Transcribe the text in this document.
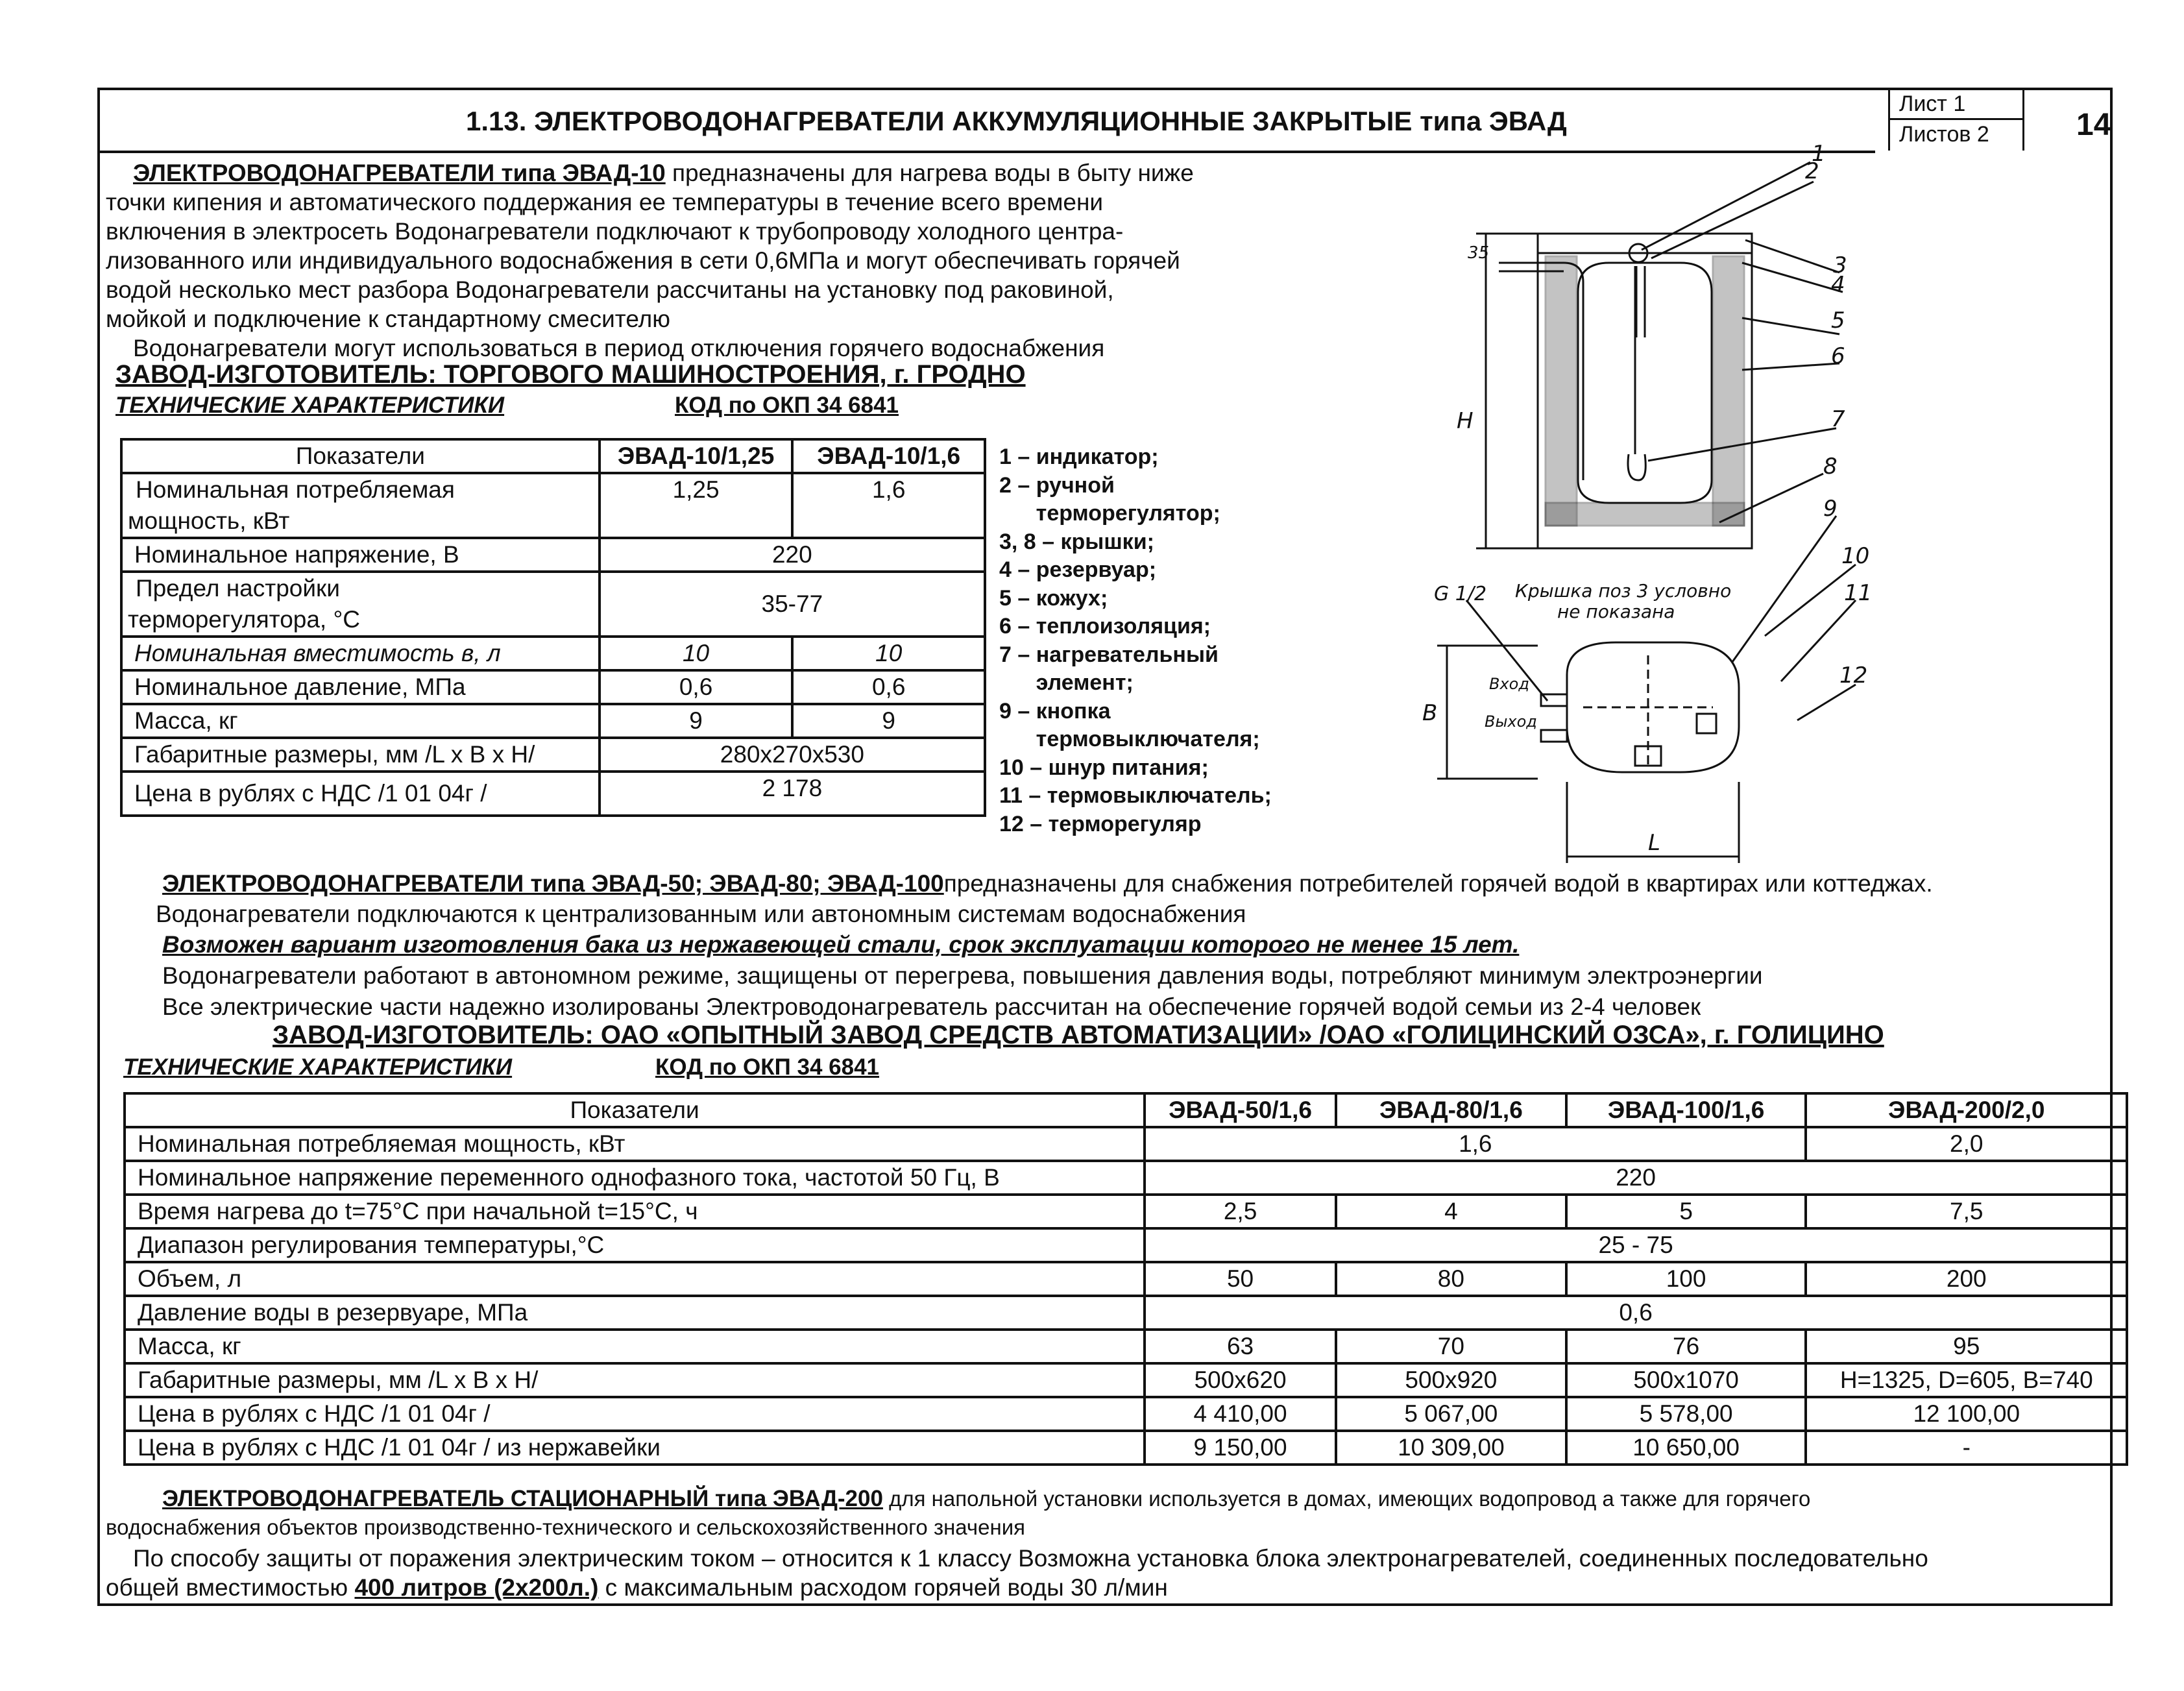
1.13. ЭЛЕКТРОВОДОНАГРЕВАТЕЛИ АККУМУЛЯЦИОННЫЕ ЗАКРЫТЫЕ типа ЭВАД
Лист 1
Листов 2	14
ЭЛЕКТРОВОДОНАГРЕВАТЕЛИ типа ЭВАД-10 предназначены для нагрева воды в быту ниже
точки кипения и автоматического поддержания ее температуры в течение всего времени
включения в электросеть Водонагреватели подключают к трубопроводу холодного центра-
лизованного или индивидуального водоснабжения в сети 0,6МПа и могут обеспечивать горячей
водой несколько мест разбора Водонагреватели рассчитаны на установку под раковиной,
мойкой и подключение к стандартному смесителю
Водонагреватели могут использоваться в период отключения горячего водоснабжения
ЗАВОД-ИЗГОТОВИТЕЛЬ: ТОРГОВОГО МАШИНОСТРОЕНИЯ, г. ГРОДНО
ТЕХНИЧЕСКИЕ ХАРАКТЕРИСТИКИ	КОД по ОКП 34 6841
Показатели	ЭВАД-10/1,25	ЭВАД-10/1,6

Номинальная потребляемая
мощность, кВт	1,25	1,6
Номинальное напряжение, В	220	

Предел настройки
терморегулятора, °С	35-77	
Номинальная вместимость в, л	10	10
Номинальное давление, МПа	0,6	0,6
Масса, кг	9	9
Габаритные размеры, мм /L x B x H/	280x270x530	
Цена в рублях с НДС /1 01 04г /	2 178	
1 – индикатор;
2 – ручной
терморегулятор;
3, 8 – крышки;
4 – резервуар;
5 – кожух;
6 – теплоизоляция;
7 – нагревательный
элемент;
9 – кнопка
термовыключателя;
10 – шнур питания;
11 – термовыключатель;
12 – терморегуляр
1
2
3
4
5
6
7
8
9
10
11
12
35
H
B
L
G 1/2 Крышка поз 3 условно
не показана
Вход
Выход
ЭЛЕКТРОВОДОНАГРЕВАТЕЛИ типа ЭВАД-50; ЭВАД-80; ЭВАД-100предназначены для снабжения потребителей горячей водой в квартирах или коттеджах.
Водонагреватели подключаются к централизованным или автономным системам водоснабжения
Возможен вариант изготовления бака из нержавеющей стали, срок эксплуатации которого не менее 15 лет.
Водонагреватели работают в автономном режиме, защищены от перегрева, повышения давления воды, потребляют минимум электроэнергии
Все электрические части надежно изолированы Электроводонагреватель рассчитан на обеспечение горячей водой семьи из 2-4 человек
ЗАВОД-ИЗГОТОВИТЕЛЬ: ОАО «ОПЫТНЫЙ ЗАВОД СРЕДСТВ АВТОМАТИЗАЦИИ» /ОАО «ГОЛИЦИНСКИЙ ОЗСА», г. ГОЛИЦИНО
ТЕХНИЧЕСКИЕ ХАРАКТЕРИСТИКИ	КОД по ОКП 34 6841
Показатели	ЭВАД-50/1,6	ЭВАД-80/1,6	ЭВАД-100/1,6	ЭВАД-200/2,0
Номинальная потребляемая мощность, кВт	1,6			2,0
Номинальное напряжение переменного однофазного тока, частотой 50 Гц, В	220			
Время нагрева до t=75°С при начальной t=15°С, ч	2,5	4	5	7,5
Диапазон регулирования температуры,°С	25 - 75			
Объем, л	50	80	100	200
Давление воды в резервуаре, МПа	0,6			
Масса, кг	63	70	76	95
Габаритные размеры, мм /L x B x H/	500x620	500x920	500x1070	H=1325, D=605, B=740
Цена в рублях с НДС /1 01 04г /	4 410,00	5 067,00	5 578,00	12 100,00
Цена в рублях с НДС /1 01 04г / из нержавейки	9 150,00	10 309,00	10 650,00	-
ЭЛЕКТРОВОДОНАГРЕВАТЕЛЬ СТАЦИОНАРНЫЙ типа ЭВАД-200 для напольной установки используется в домах, имеющих водопровод а также для горячего
водоснабжения объектов производственно-технического и сельскохозяйственного значения
По способу защиты от поражения электрическим током – относится к 1 классу Возможна установка блока электронагревателей, соединенных последовательно
общей вместимостью 400 литров (2х200л.) с максимальным расходом горячей воды 30 л/мин
